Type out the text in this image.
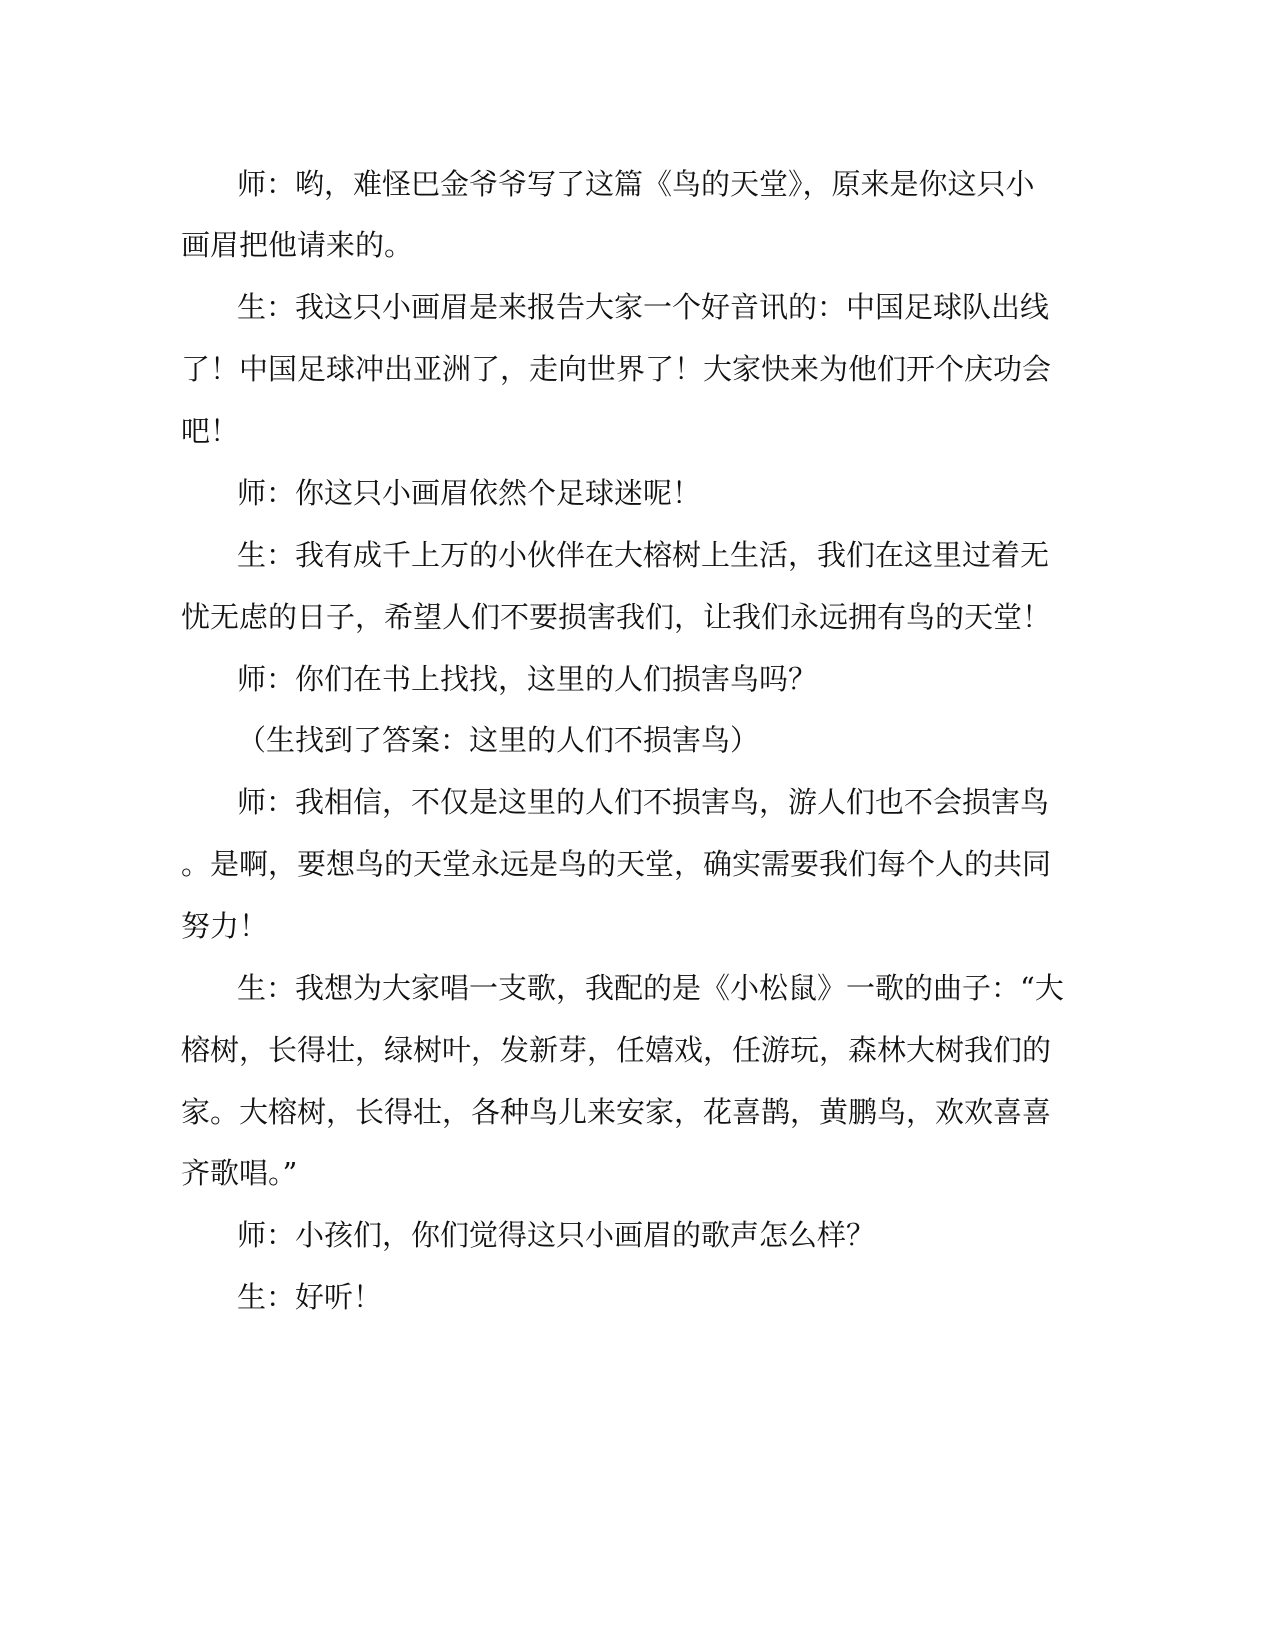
师：哟，难怪巴金爷爷写了这篇《鸟的天堂》，原来是你这只小
画眉把他请来的。
生：我这只小画眉是来报告大家一个好音讯的：中国足球队出线
了！中国足球冲出亚洲了，走向世界了！大家快来为他们开个庆功会
吧！
师：你这只小画眉依然个足球迷呢！
生：我有成千上万的小伙伴在大榕树上生活，我们在这里过着无
忧无虑的日子，希望人们不要损害我们，让我们永远拥有鸟的天堂！
师：你们在书上找找，这里的人们损害鸟吗？
（生找到了答案：这里的人们不损害鸟）
师：我相信，不仅是这里的人们不损害鸟，游人们也不会损害鸟
。是啊，要想鸟的天堂永远是鸟的天堂，确实需要我们每个人的共同
努力！
生：我想为大家唱一支歌，我配的是《小松鼠》一歌的曲子：“大
榕树，长得壮，绿树叶，发新芽，任嬉戏，任游玩，森林大树我们的
家。大榕树，长得壮，各种鸟儿来安家，花喜鹊，黄鹏鸟，欢欢喜喜
齐歌唱。”
师：小孩们，你们觉得这只小画眉的歌声怎么样？
生：好听！
